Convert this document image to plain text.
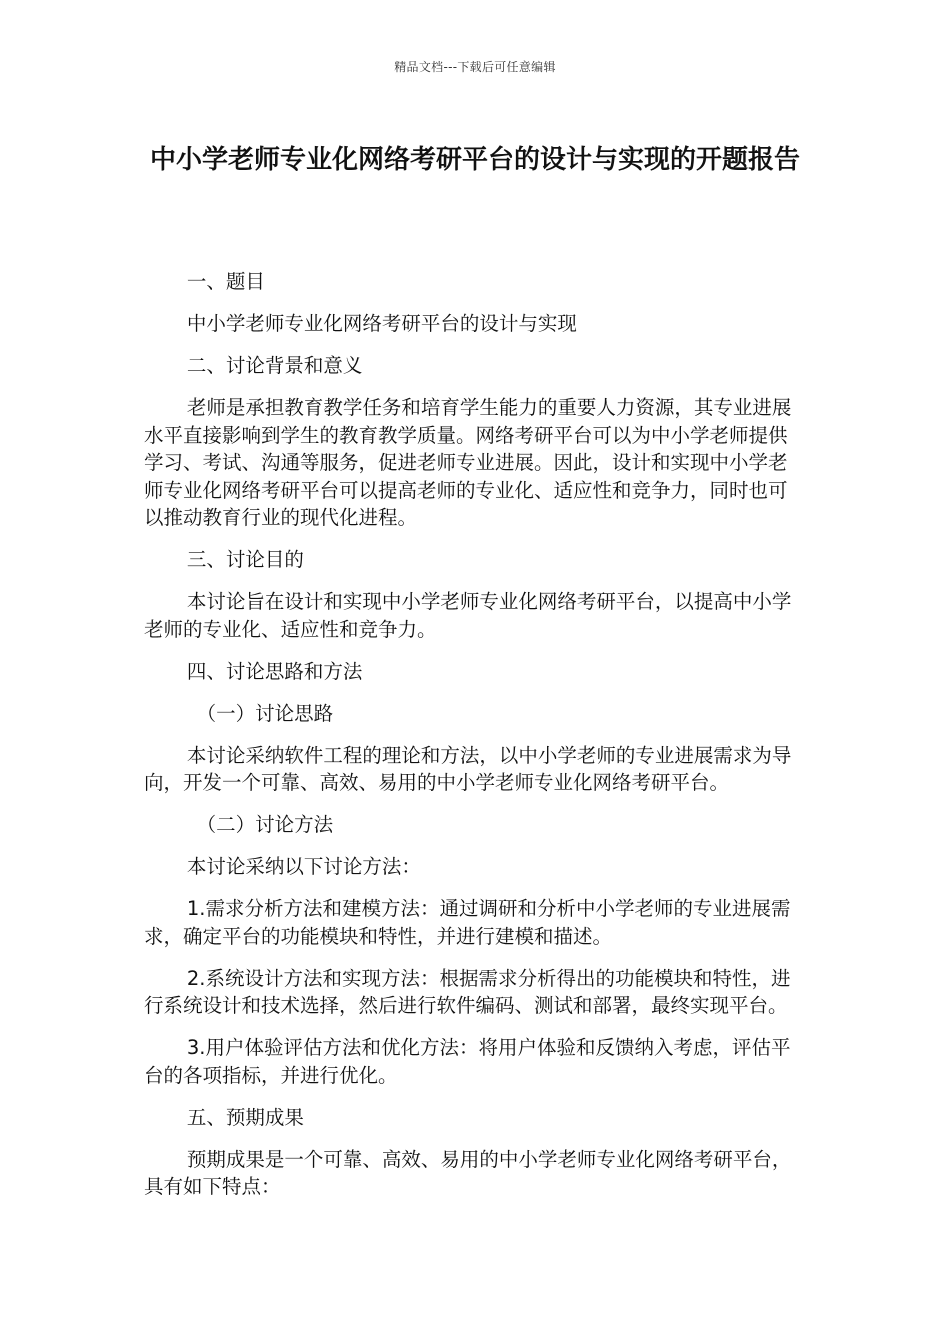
精品文档---下载后可任意编辑
中小学老师专业化网络考研平台的设计与实现的开题报告

一、题目

中小学老师专业化网络考研平台的设计与实现

二、讨论背景和意义

老师是承担教育教学任务和培育学生能力的重要人力资源，其专业进展水平直接影响到学生的教育教学质量。网络考研平台可以为中小学老师提供学习、考试、沟通等服务，促进老师专业进展。因此，设计和实现中小学老师专业化网络考研平台可以提高老师的专业化、适应性和竞争力，同时也可以推动教育行业的现代化进程。

三、讨论目的

本讨论旨在设计和实现中小学老师专业化网络考研平台，以提高中小学老师的专业化、适应性和竞争力。

四、讨论思路和方法

（一）讨论思路

本讨论采纳软件工程的理论和方法，以中小学老师的专业进展需求为导向，开发一个可靠、高效、易用的中小学老师专业化网络考研平台。

（二）讨论方法

本讨论采纳以下讨论方法：

1.需求分析方法和建模方法：通过调研和分析中小学老师的专业进展需求，确定平台的功能模块和特性，并进行建模和描述。

2.系统设计方法和实现方法：根据需求分析得出的功能模块和特性，进行系统设计和技术选择，然后进行软件编码、测试和部署，最终实现平台。

3.用户体验评估方法和优化方法：将用户体验和反馈纳入考虑，评估平台的各项指标，并进行优化。

五、预期成果

预期成果是一个可靠、高效、易用的中小学老师专业化网络考研平台，具有如下特点：
